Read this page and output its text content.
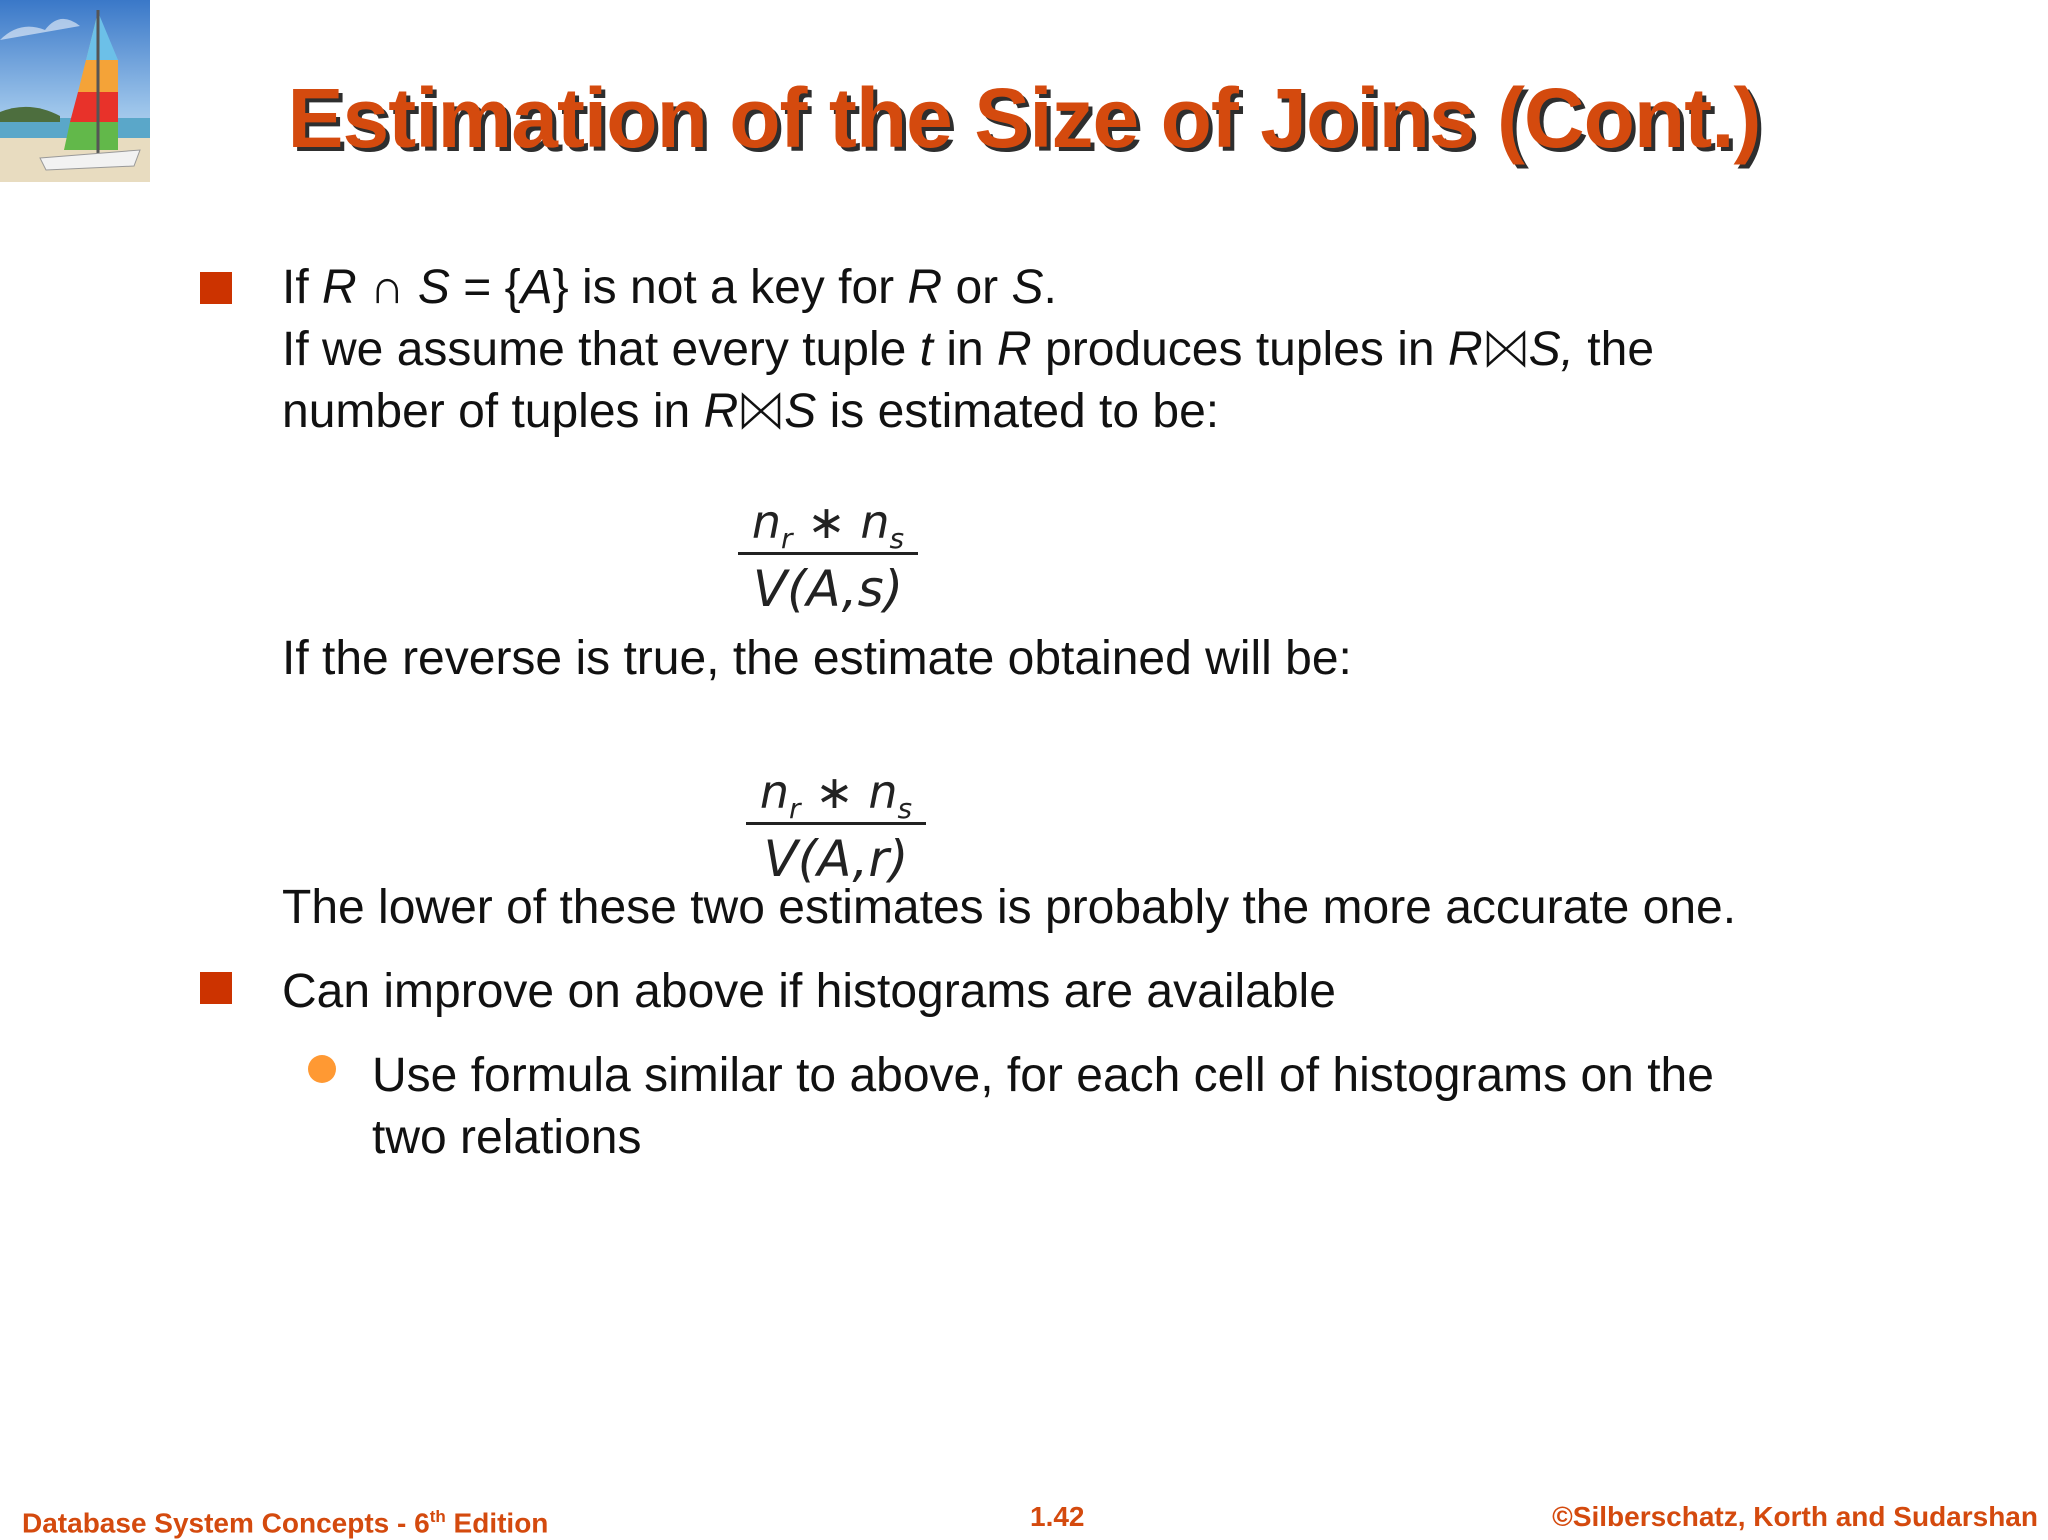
Estimation of the Size of Joins (Cont.)
If R ∩ S = {A} is not a key for R or S.
If we assume that every tuple t in R produces tuples in R S, the
number of tuples in R S is estimated to be:
$n_r$ ∗ $n_s$
V(A,s)
If the reverse is true, the estimate obtained will be:
$n_r$ ∗ $n_s$
V(A,r)
The lower of these two estimates is probably the more accurate one.
Can improve on above if histograms are available
Use formula similar to above, for each cell of histograms on the
two relations
Database System Concepts - 6th Edition	1.42	©Silberschatz, Korth and Sudarshan
